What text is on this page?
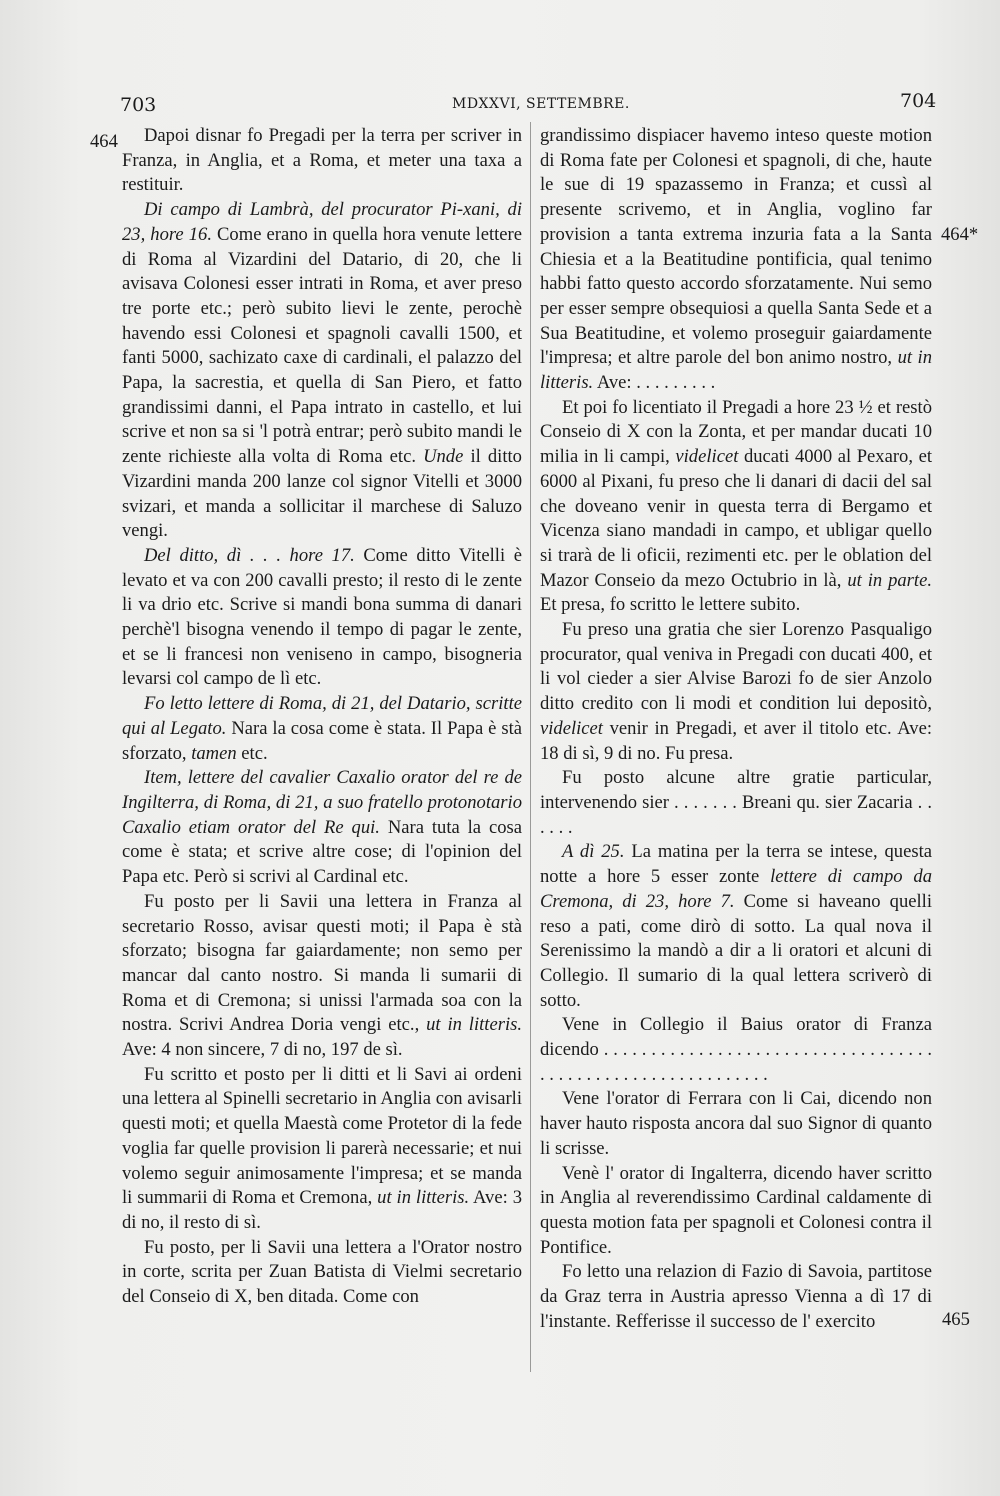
703	MDXXVI, SETTEMBRE.	704
464
464*
465

Dapoi disnar fo Pregadi per la terra per scriver in Franza, in Anglia, et a Roma, et meter una taxa a restituir.

Di campo di Lambrà, del procurator Pi-xani, di 23, hore 16. Come erano in quella hora venute lettere di Roma al Vizardini del Datario, di 20, che li avisava Colonesi esser intrati in Roma, et aver preso tre porte etc.; però subito lievi le zente, perochè havendo essi Colonesi et spagnoli cavalli 1500, et fanti 5000, sachizato caxe di cardinali, el palazzo del Papa, la sacrestia, et quella di San Piero, et fatto grandissimi danni, el Papa intrato in castello, et lui scrive et non sa si 'l potrà entrar; però subito mandi le zente richieste alla volta di Roma etc. Unde il ditto Vizardini manda 200 lanze col signor Vitelli et 3000 svizari, et manda a sollicitar il marchese di Saluzo vengi.

Del ditto, dì . . . hore 17. Come ditto Vitelli è levato et va con 200 cavalli presto; il resto di le zente li va drio etc. Scrive si mandi bona summa di danari perchè'l bisogna venendo il tempo di pagar le zente, et se li francesi non veniseno in campo, bisogneria levarsi col campo de lì etc.

Fo letto lettere di Roma, di 21, del Datario, scritte qui al Legato. Nara la cosa come è stata. Il Papa è stà sforzato, tamen etc.

Item, lettere del cavalier Caxalio orator del re de Ingilterra, di Roma, di 21, a suo fratello protonotario Caxalio etiam orator del Re qui. Nara tuta la cosa come è stata; et scrive altre cose; di l'opinion del Papa etc. Però si scrivi al Cardinal etc.

Fu posto per li Savii una lettera in Franza al secretario Rosso, avisar questi moti; il Papa è stà sforzato; bisogna far gaiardamente; non semo per mancar dal canto nostro. Si manda li sumarii di Roma et di Cremona; si unissi l'armada soa con la nostra. Scrivi Andrea Doria vengi etc., ut in litteris. Ave: 4 non sincere, 7 di no, 197 de sì.

Fu scritto et posto per li ditti et li Savi ai ordeni una lettera al Spinelli secretario in Anglia con avisarli questi moti; et quella Maestà come Protetor di la fede voglia far quelle provision li parerà necessarie; et nui volemo seguir animosamente l'impresa; et se manda li summarii di Roma et Cremona, ut in litteris. Ave: 3 di no, il resto di sì.

Fu posto, per li Savii una lettera a l'Orator nostro in corte, scrita per Zuan Batista di Vielmi secretario del Conseio di X, ben ditada. Come con

grandissimo dispiacer havemo inteso queste motion di Roma fate per Colonesi et spagnoli, di che, haute le sue di 19 spazassemo in Franza; et cussì al presente scrivemo, et in Anglia, voglino far provision a tanta extrema inzuria fata a la Santa Chiesia et a la Beatitudine pontificia, qual tenimo habbi fatto questo accordo sforzatamente. Nui semo per esser sempre obsequiosi a quella Santa Sede et a Sua Beatitudine, et volemo proseguir gaiardamente l'impresa; et altre parole del bon animo nostro, ut in litteris. Ave: . . . . . . . . .

Et poi fo licentiato il Pregadi a hore 23 ½ et restò Conseio di X con la Zonta, et per mandar ducati 10 milia in li campi, videlicet ducati 4000 al Pexaro, et 6000 al Pixani, fu preso che li danari di dacii del sal che doveano venir in questa terra di Bergamo et Vicenza siano mandadi in campo, et ubligar quello si trarà de li oficii, rezimenti etc. per le oblation del Mazor Conseio da mezo Octubrio in là, ut in parte. Et presa, fo scritto le lettere subito.

Fu preso una gratia che sier Lorenzo Pasqualigo procurator, qual veniva in Pregadi con ducati 400, et li vol cieder a sier Alvise Barozi fo de sier Anzolo ditto credito con li modi et condition lui depositò, videlicet venir in Pregadi, et aver il titolo etc. Ave: 18 di sì, 9 di no. Fu presa.

Fu posto alcune altre gratie particular, intervenendo sier . . . . . . . Breani qu. sier Zacaria . . . . . .

A dì 25. La matina per la terra se intese, questa notte a hore 5 esser zonte lettere di campo da Cremona, di 23, hore 7. Come si haveano quelli reso a pati, come dirò di sotto. La qual nova il Serenissimo la mandò a dir a li oratori et alcuni di Collegio. Il sumario di la qual lettera scriverò di sotto.

Vene in Collegio il Baius orator di Franza dicendo . . . . . . . . . . . . . . . . . . . . . . . . . . . . . . . . . . . . . . . . . . . . . . . . . . . . . . . . . . . .

Vene l'orator di Ferrara con li Cai, dicendo non haver hauto risposta ancora dal suo Signor di quanto li scrisse.

Venè l' orator di Ingalterra, dicendo haver scritto in Anglia al reverendissimo Cardinal caldamente di questa motion fata per spagnoli et Colonesi contra il Pontifice.

Fo letto una relazion di Fazio di Savoia, partitose da Graz terra in Austria apresso Vienna a dì 17 di l'instante. Refferisse il successo de l' exercito
